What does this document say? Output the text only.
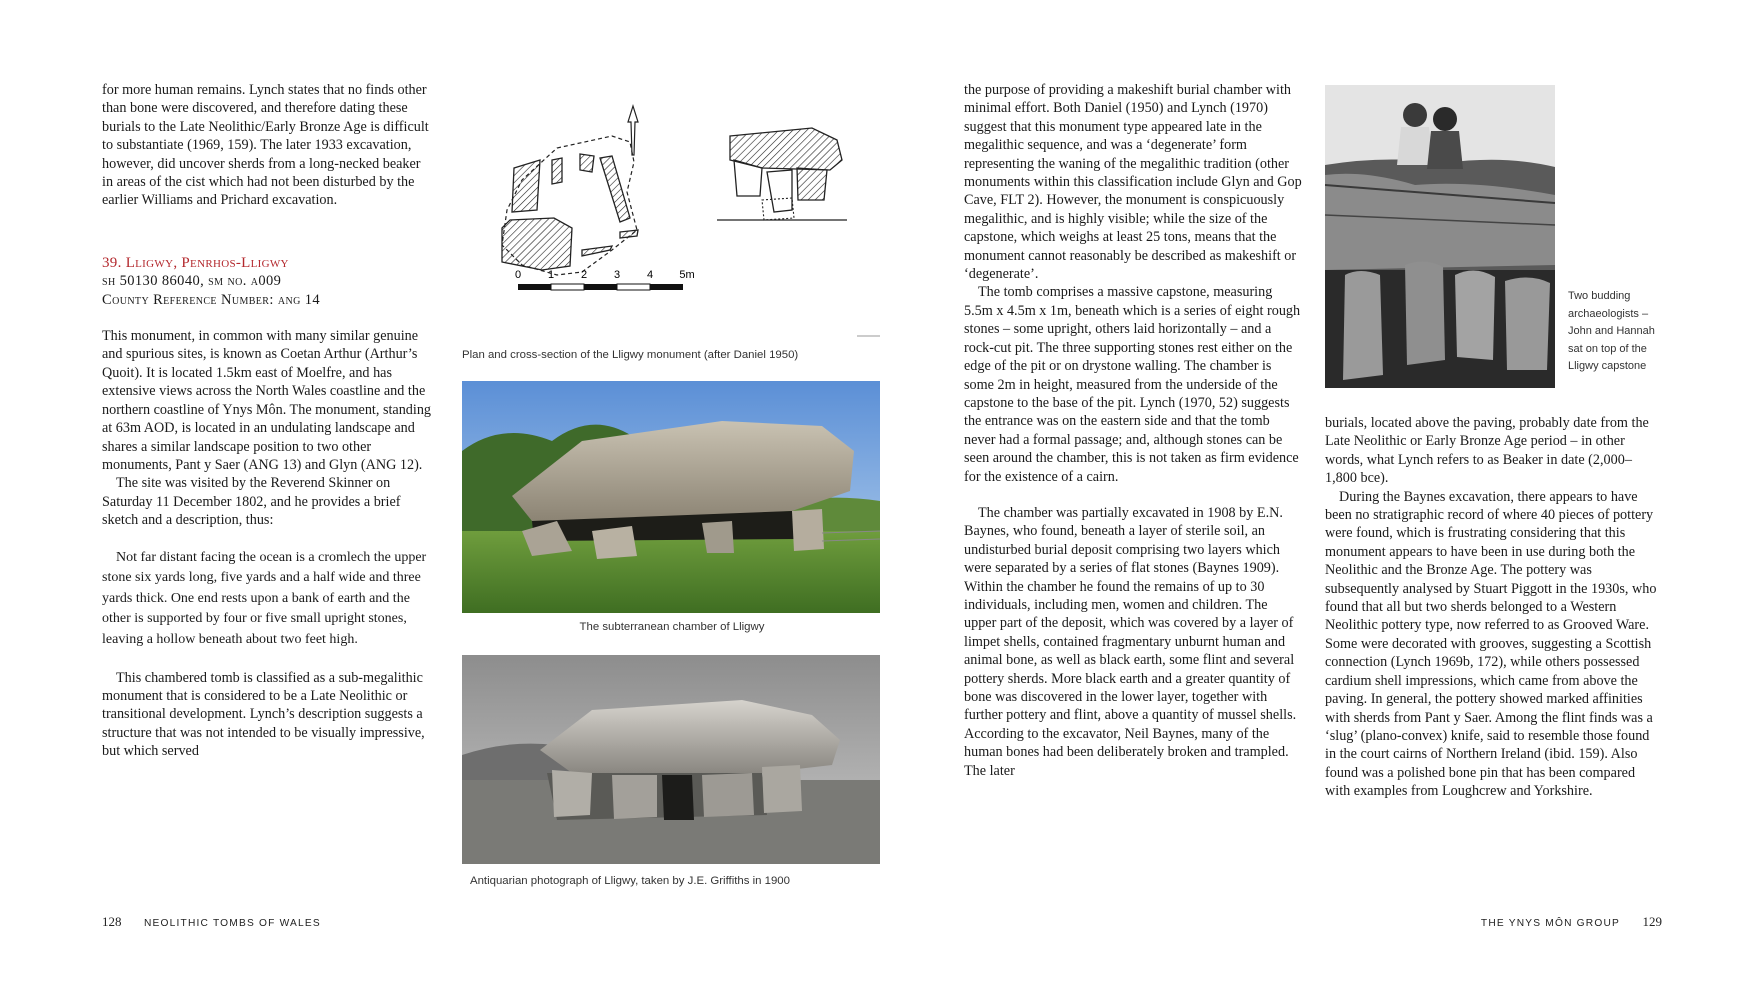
for more human remains. Lynch states that no finds other than bone were discovered, and therefore dating these burials to the Late Neolithic/Early Bronze Age is difficult to substantiate (1969, 159). The later 1933 excavation, however, did uncover sherds from a long-necked beaker in areas of the cist which had not been disturbed by the earlier Williams and Prichard excavation.

39. Lligwy, Penrhos-Lligwy
sh 50130 86040, sm no. a009
County Reference Number: ang 14

This monument, in common with many similar genuine and spurious sites, is known as Coetan Arthur (Arthur’s Quoit). It is located 1.5km east of Moelfre, and has extensive views across the North Wales coastline and the northern coastline of Ynys Môn. The monument, standing at 63m AOD, is located in an undulating landscape and shares a similar landscape position to two other monuments, Pant y Saer (ANG 13) and Glyn (ANG 12).

The site was visited by the Reverend Skinner on Saturday 11 December 1802, and he provides a brief sketch and a description, thus:

Not far distant facing the ocean is a cromlech the upper stone six yards long, five yards and a half wide and three yards thick. One end rests upon a bank of earth and the other is supported by four or five small upright stones, leaving a hollow beneath about two feet high.

This chambered tomb is classified as a sub-megalithic monument that is considered to be a Late Neolithic or transitional development. Lynch’s description suggests a structure that was not intended to be visually impressive, but which served

0 1 2 3 4 5m
Plan and cross-section of the Lligwy monument (after Daniel 1950)
The subterranean chamber of Lligwy
Antiquarian photograph of Lligwy, taken by J.E. Griffiths in 1900
128 NEOLITHIC TOMBS OF WALES

the purpose of providing a makeshift burial chamber with minimal effort. Both Daniel (1950) and Lynch (1970) suggest that this monument type appeared late in the megalithic sequence, and was a ‘degenerate’ form representing the waning of the megalithic tradition (other monuments within this classification include Glyn and Gop Cave, FLT 2). However, the monument is conspicuously megalithic, and is highly visible; while the size of the capstone, which weighs at least 25 tons, means that the monument cannot reasonably be described as makeshift or ‘degenerate’.

The tomb comprises a massive capstone, measuring 5.5m x 4.5m x 1m, beneath which is a series of eight rough stones – some upright, others laid horizontally – and a rock-cut pit. The three supporting stones rest either on the edge of the pit or on drystone walling. The chamber is some 2m in height, measured from the underside of the capstone to the base of the pit. Lynch (1970, 52) suggests the entrance was on the eastern side and that the tomb never had a formal passage; and, although stones can be seen around the chamber, this is not taken as firm evidence for the existence of a cairn.

The chamber was partially excavated in 1908 by E.N. Baynes, who found, beneath a layer of sterile soil, an undisturbed burial deposit comprising two layers which were separated by a series of flat stones (Baynes 1909). Within the chamber he found the remains of up to 30 individuals, including men, women and children. The upper part of the deposit, which was covered by a layer of limpet shells, contained fragmentary unburnt human and animal bone, as well as black earth, some flint and several pottery sherds. More black earth and a greater quantity of bone was discovered in the lower layer, together with further pottery and flint, above a quantity of mussel shells. According to the excavator, Neil Baynes, many of the human bones had been deliberately broken and trampled. The later

Two budding archaeologists – John and Hannah sat on top of the Lligwy capstone

burials, located above the paving, probably date from the Late Neolithic or Early Bronze Age period – in other words, what Lynch refers to as Beaker in date (2,000–1,800 bce).

During the Baynes excavation, there appears to have been no stratigraphic record of where 40 pieces of pottery were found, which is frustrating considering that this monument appears to have been in use during both the Neolithic and the Bronze Age. The pottery was subsequently analysed by Stuart Piggott in the 1930s, who found that all but two sherds belonged to a Western Neolithic pottery type, now referred to as Grooved Ware. Some were decorated with grooves, suggesting a Scottish connection (Lynch 1969b, 172), while others possessed cardium shell impressions, which came from above the paving. In general, the pottery showed marked affinities with sherds from Pant y Saer. Among the flint finds was a ‘slug’ (plano-convex) knife, said to resemble those found in the court cairns of Northern Ireland (ibid. 159). Also found was a polished bone pin that has been compared with examples from Loughcrew and Yorkshire.

THE YNYS MÔN GROUP 129
